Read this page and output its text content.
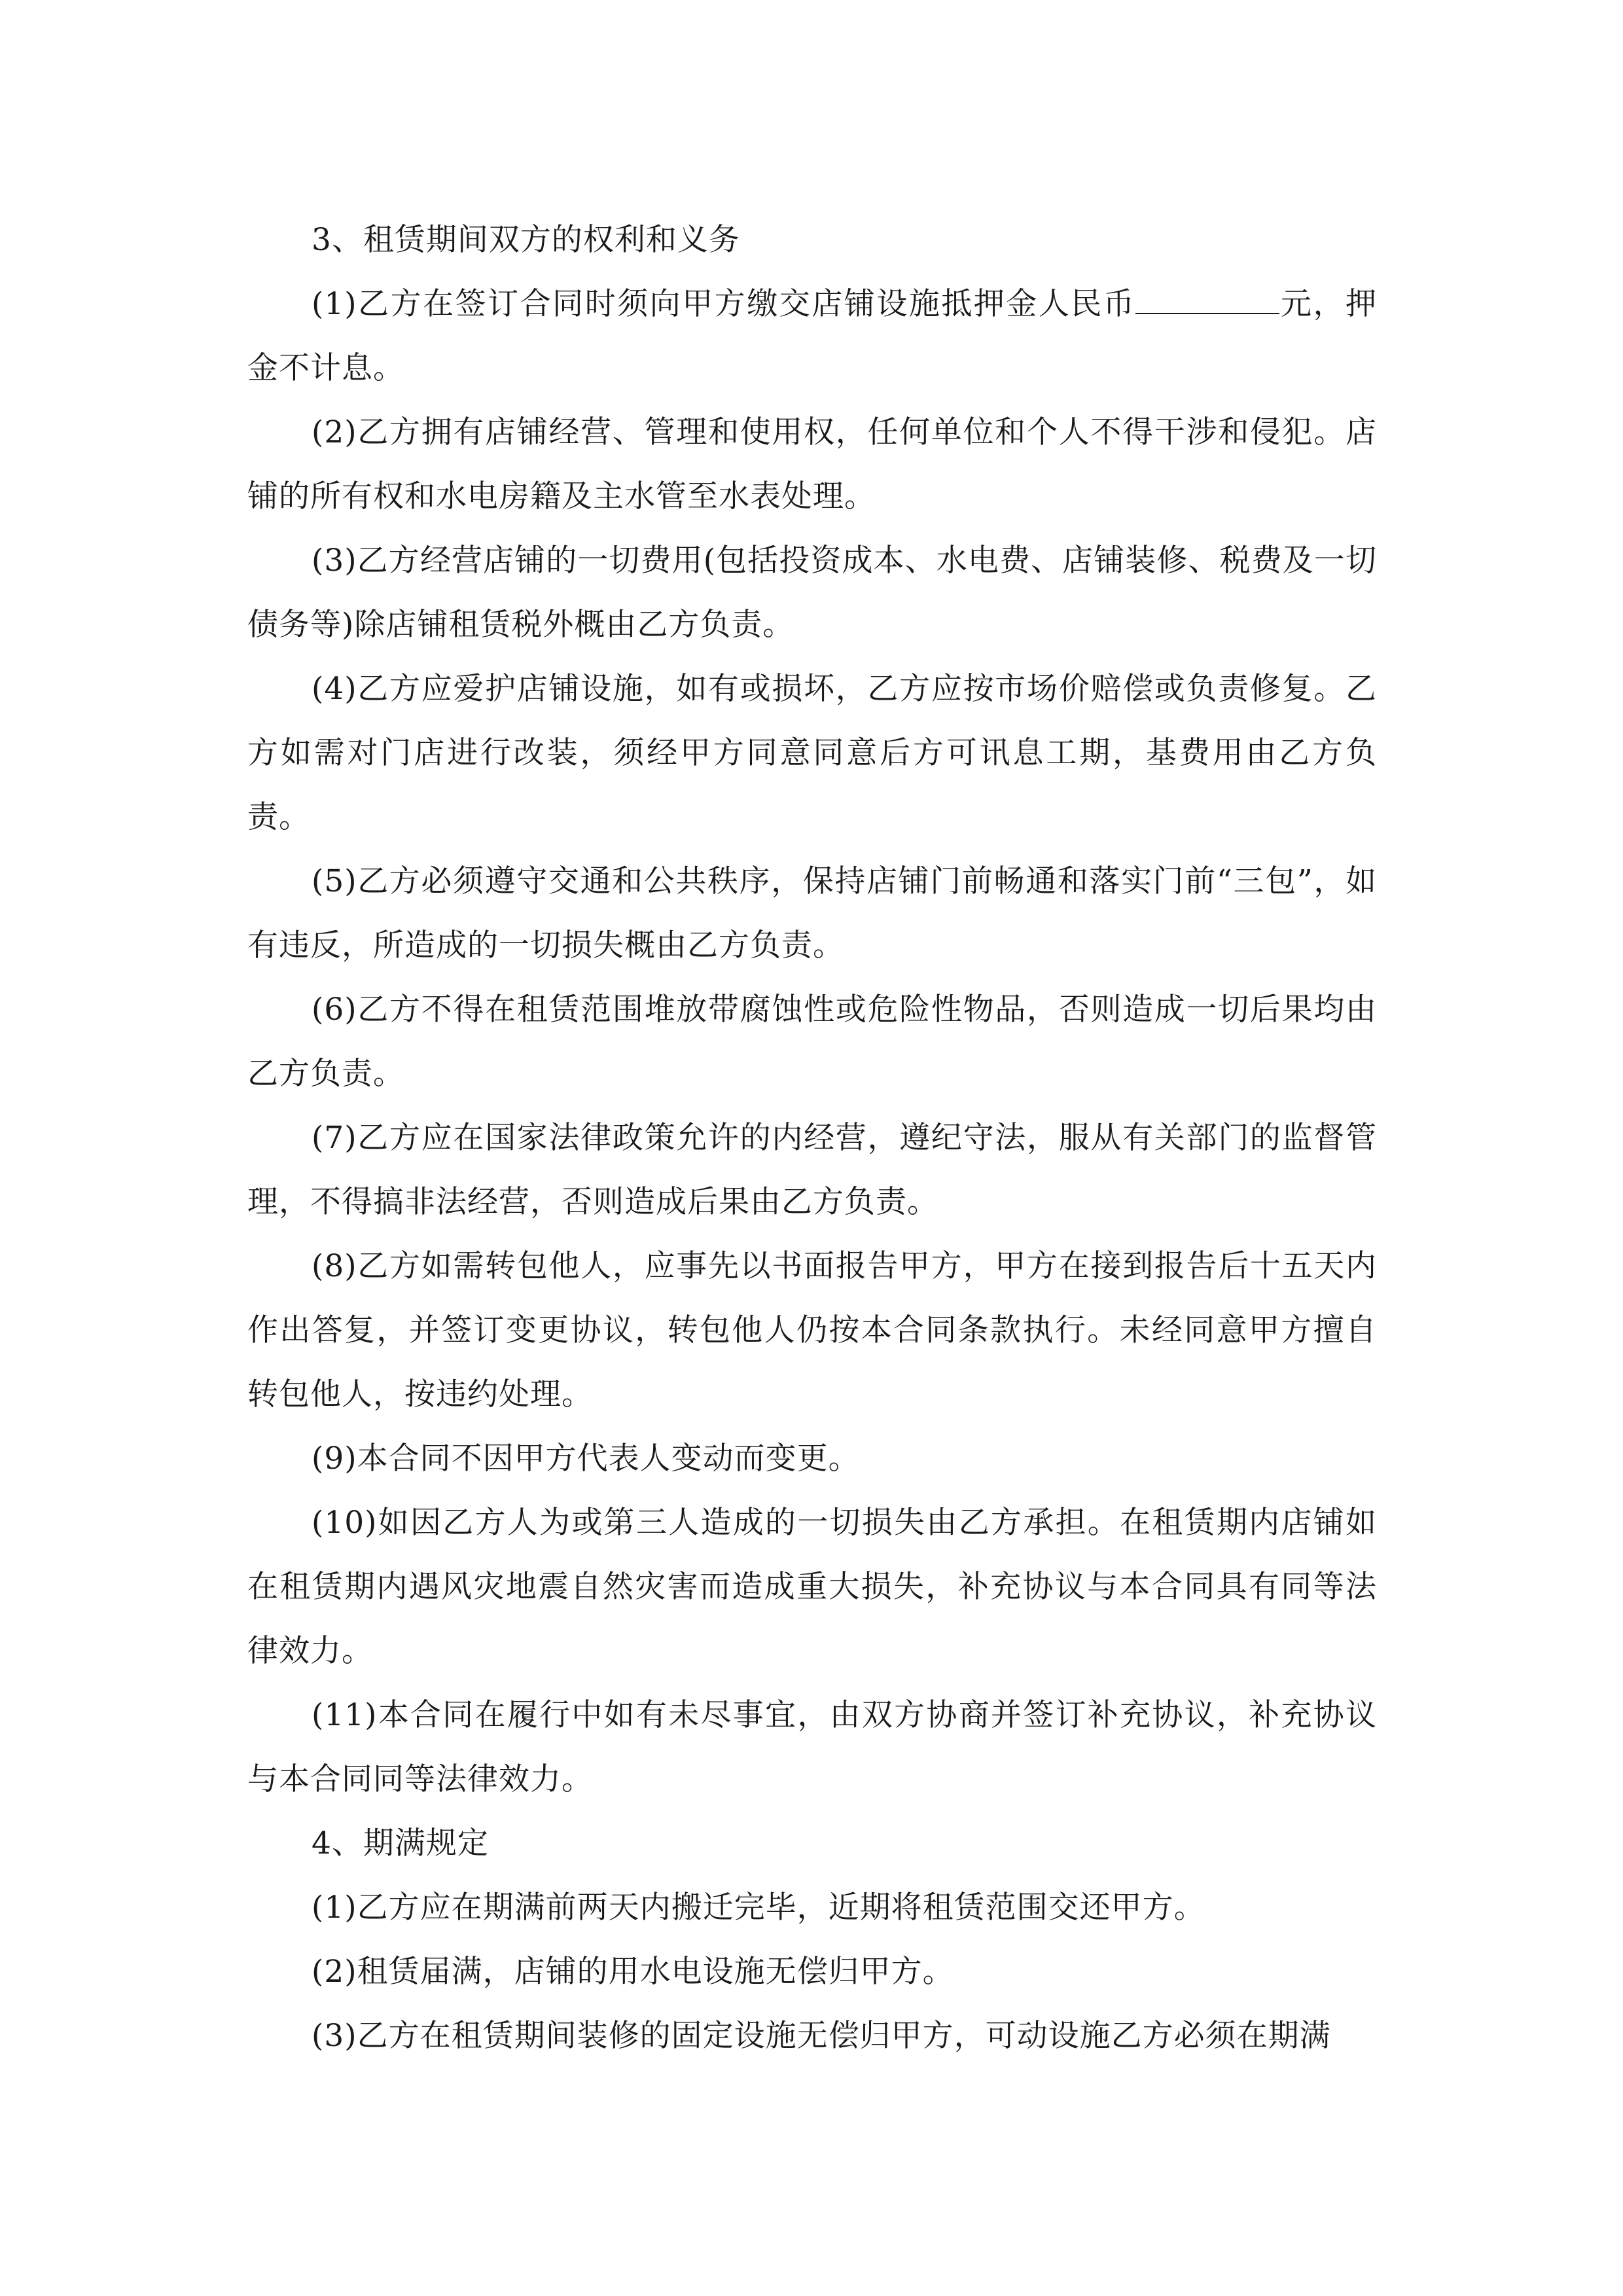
3、租赁期间双方的权利和义务

(1)乙方在签订合同时须向甲方缴交店铺设施抵押金人民币	元，押金不计息。

(2)乙方拥有店铺经营、管理和使用权，任何单位和个人不得干涉和侵犯。店铺的所有权和水电房籍及主水管至水表处理。

(3)乙方经营店铺的一切费用(包括投资成本、水电费、店铺装修、税费及一切债务等)除店铺租赁税外概由乙方负责。

(4)乙方应爱护店铺设施，如有或损坏，乙方应按市场价赔偿或负责修复。乙方如需对门店进行改装，须经甲方同意同意后方可讯息工期，基费用由乙方负责。

(5)乙方必须遵守交通和公共秩序，保持店铺门前畅通和落实门前“三包”，如有违反，所造成的一切损失概由乙方负责。

(6)乙方不得在租赁范围堆放带腐蚀性或危险性物品，否则造成一切后果均由乙方负责。

(7)乙方应在国家法律政策允许的内经营，遵纪守法，服从有关部门的监督管理，不得搞非法经营，否则造成后果由乙方负责。

(8)乙方如需转包他人，应事先以书面报告甲方，甲方在接到报告后十五天内作出答复，并签订变更协议，转包他人仍按本合同条款执行。未经同意甲方擅自转包他人，按违约处理。

(9)本合同不因甲方代表人变动而变更。

(10)如因乙方人为或第三人造成的一切损失由乙方承担。在租赁期内店铺如在租赁期内遇风灾地震自然灾害而造成重大损失，补充协议与本合同具有同等法律效力。

(11)本合同在履行中如有未尽事宜，由双方协商并签订补充协议，补充协议与本合同同等法律效力。

4、期满规定

(1)乙方应在期满前两天内搬迁完毕，近期将租赁范围交还甲方。

(2)租赁届满，店铺的用水电设施无偿归甲方。

(3)乙方在租赁期间装修的固定设施无偿归甲方，可动设施乙方必须在期满
